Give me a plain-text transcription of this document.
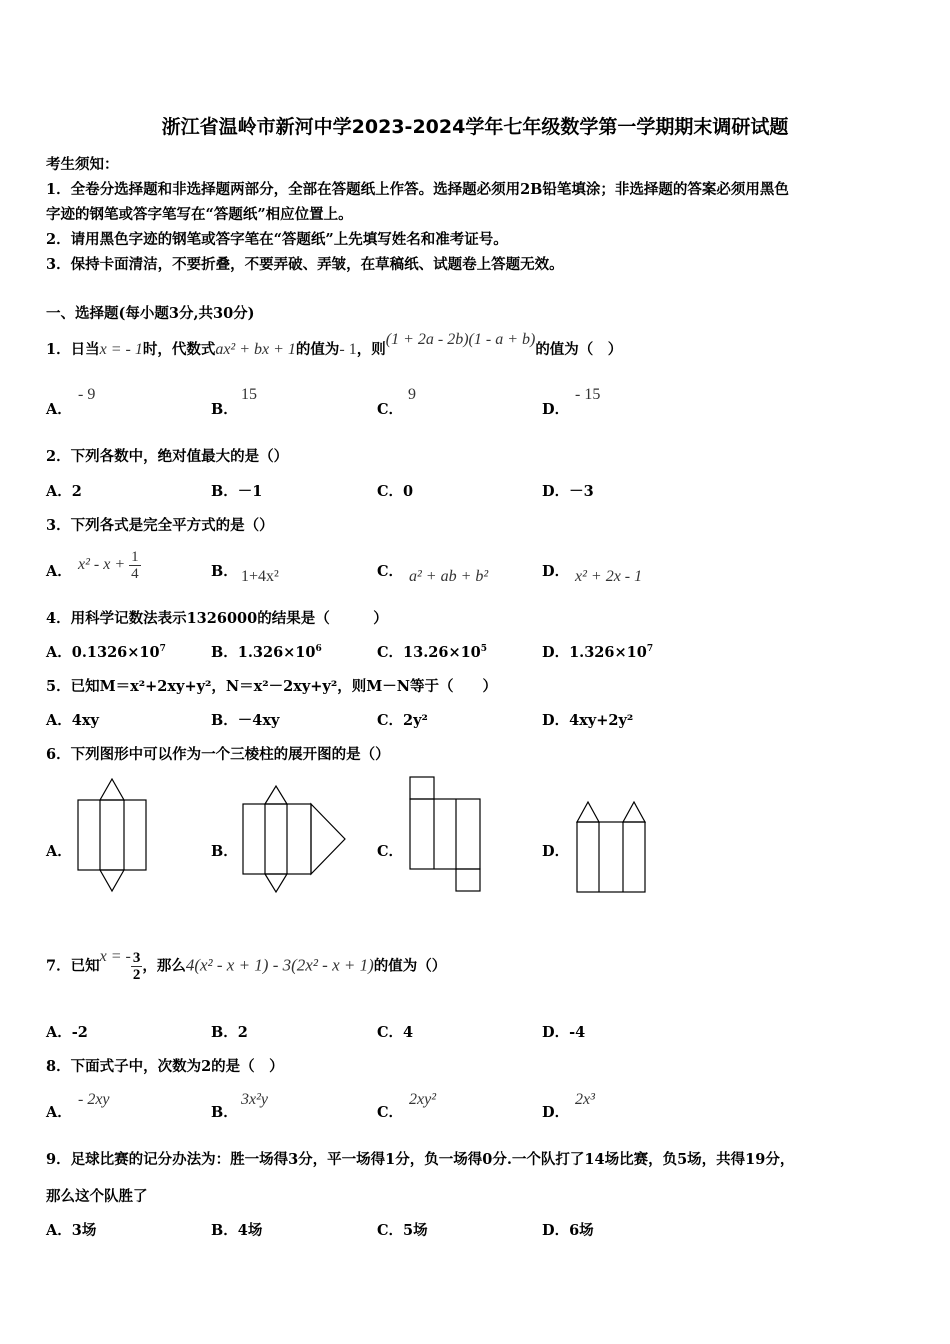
浙江省温岭市新河中学2023-2024学年七年级数学第一学期期末调研试题
考生须知：
1．全卷分选择题和非选择题两部分，全部在答题纸上作答。选择题必须用2B铅笔填涂；非选择题的答案必须用黑色
字迹的钢笔或答字笔写在“答题纸”相应位置上。
2．请用黑色字迹的钢笔或答字笔在“答题纸”上先填写姓名和准考证号。
3．保持卡面清洁，不要折叠，不要弄破、弄皱，在草稿纸、试题卷上答题无效。
一、选择题(每小题3分,共30分)
1．日当x = - 1时，代数式ax² + bx + 1的值为- 1，则(1 + 2a - 2b)(1 - a + b)的值为（　）
A．
- 9
B．
15
C．
9
D．
- 15
2．下列各数中，绝对值最大的是（）
A．2	B．－1	C．0	D．－3
3．下列各式是完全平方式的是（）
A． $x^2 - x + \frac{1}{4}$	B． 1+4x²	C． a² + ab + b²	D． x² + 2x - 1
4．用科学记数法表示1326000的结果是（　　　）
A．$0.1326\times 10^7$	B．$1.326\times 10^6$	C．$13.26\times 10^5$	D．$1.326\times 10^7$
5．已知M＝x²+2xy+y²，N＝x²－2xy+y²，则M－N等于（　　）
A．4xy	B．－4xy	C．2y²	D．4xy+2y²
6．下列图形中可以作为一个三棱柱的展开图的是（）
A．	B．	C．	D．
7．已知x = - $\frac{3}{2}$ ，那么4(x² - x + 1) - 3(2x² - x + 1)的值为（）
A．-2	B．2	C．4	D．-4
8．下面式子中，次数为2的是（　）
A．
- 2xy
B．
3x²y
C．
2xy²
D．
2x³
9．足球比赛的记分办法为：胜一场得3分，平一场得1分，负一场得0分.一个队打了14场比赛，负5场，共得19分，
那么这个队胜了
A．3场	B．4场	C．5场	D．6场
